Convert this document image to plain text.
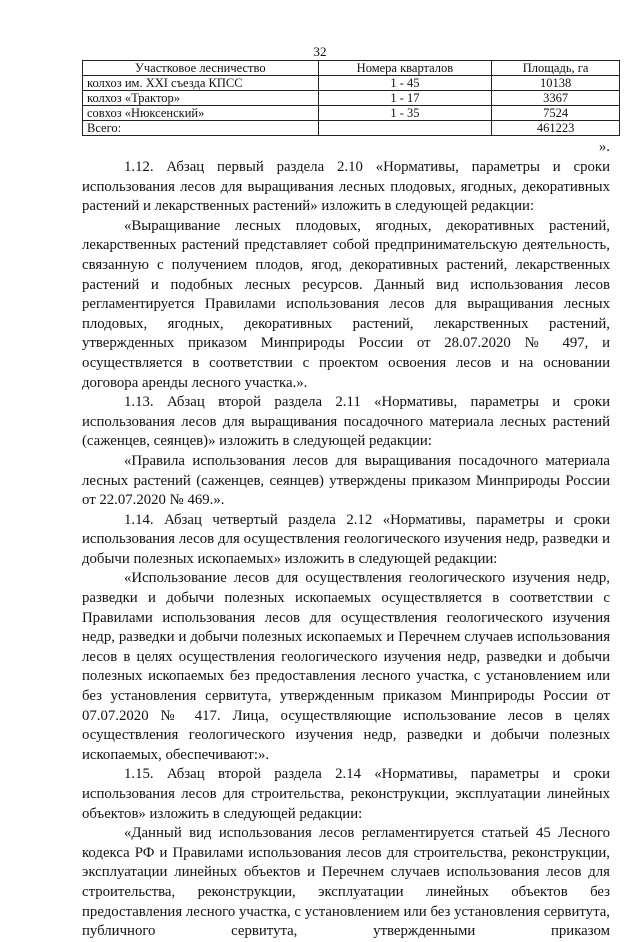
32
Участковое лесничество	Номера кварталов	Площадь, га
колхоз им. XXI съезда КПСС	1 - 45	10138
колхоз «Трактор»	1 - 17	3367
совхоз «Нюксенский»	1 - 35	7524
Всего:		461223
».

1.12. Абзац первый раздела 2.10 «Нормативы, параметры и сроки использования лесов для выращивания лесных плодовых, ягодных, декоративных растений и лекарственных растений» изложить в следующей редакции:

«Выращивание лесных плодовых, ягодных, декоративных растений, лекарственных растений представляет собой предпринимательскую деятельность, связанную с получением плодов, ягод, декоративных растений, лекарственных растений и подобных лесных ресурсов. Данный вид использования лесов регламентируется Правилами использования лесов для выращивания лесных плодовых, ягодных, декоративных растений, лекарственных растений, утвержденных приказом Минприроды России от 28.07.2020 № 497, и осуществляется в соответствии с проектом освоения лесов и на основании договора аренды лесного участка.».

1.13. Абзац второй раздела 2.11 «Нормативы, параметры и сроки использования лесов для выращивания посадочного материала лесных растений (саженцев, сеянцев)» изложить в следующей редакции:

«Правила использования лесов для выращивания посадочного материала лесных растений (саженцев, сеянцев) утверждены приказом Минприроды России от 22.07.2020 № 469.».

1.14. Абзац четвертый раздела 2.12 «Нормативы, параметры и сроки использования лесов для осуществления геологического изучения недр, разведки и добычи полезных ископаемых» изложить в следующей редакции:

«Использование лесов для осуществления геологического изучения недр, разведки и добычи полезных ископаемых осуществляется в соответствии с Правилами использования лесов для осуществления геологического изучения недр, разведки и добычи полезных ископаемых и Перечнем случаев использования лесов в целях осуществления геологического изучения недр, разведки и добычи полезных ископаемых без предоставления лесного участка, с установлением или без установления сервитута, утвержденным приказом Минприроды России от 07.07.2020 № 417. Лица, осуществляющие использование лесов в целях осуществления геологического изучения недр, разведки и добычи полезных ископаемых, обеспечивают:».

1.15. Абзац второй раздела 2.14 «Нормативы, параметры и сроки использования лесов для строительства, реконструкции, эксплуатации линейных объектов» изложить в следующей редакции:

«Данный вид использования лесов регламентируется статьей 45 Лесного кодекса РФ и Правилами использования лесов для строительства, реконструкции, эксплуатации линейных объектов и Перечнем случаев использования лесов для строительства, реконструкции, эксплуатации линейных объектов без предоставления лесного участка, с установлением или без установления сервитута, публичного сервитута, утвержденными приказом
